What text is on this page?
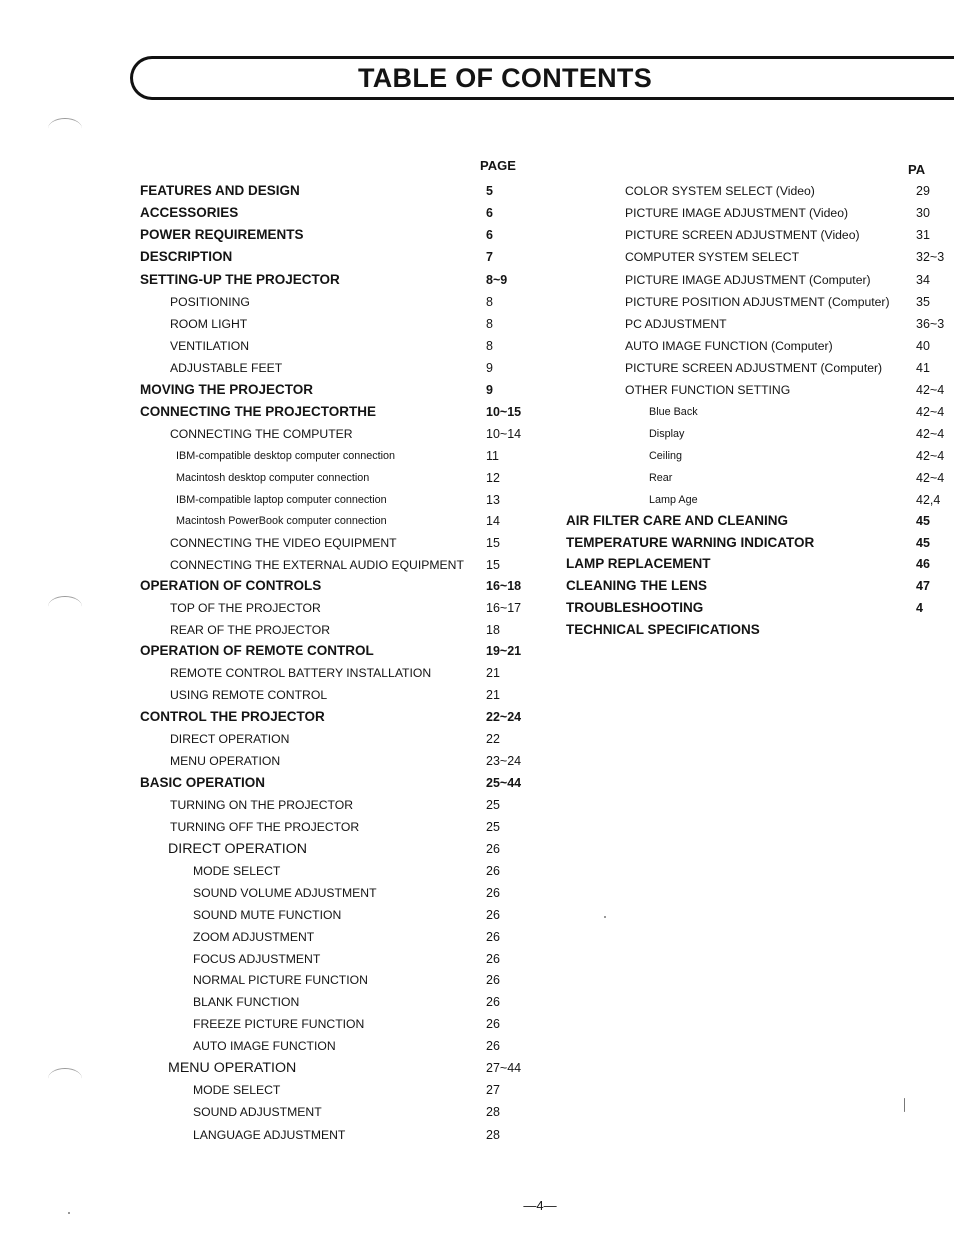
TABLE OF CONTENTS
PAGE	PA
FEATURES AND DESIGN	5
ACCESSORIES	6
POWER REQUIREMENTS	6
DESCRIPTION	7
SETTING-UP THE PROJECTOR	8~9
POSITIONING	8
ROOM LIGHT	8
VENTILATION	8
ADJUSTABLE FEET	9
MOVING THE PROJECTOR	9
CONNECTING THE PROJECTORTHE	10~15
CONNECTING THE COMPUTER	10~14
IBM-compatible desktop computer connection	11
Macintosh desktop computer connection	12
IBM-compatible laptop computer connection	13
Macintosh PowerBook computer connection	14
CONNECTING THE VIDEO EQUIPMENT	15
CONNECTING THE EXTERNAL AUDIO EQUIPMENT 15
OPERATION OF CONTROLS	16~18
TOP OF THE PROJECTOR	16~17
REAR OF THE PROJECTOR	18
OPERATION OF REMOTE CONTROL	19~21
REMOTE CONTROL BATTERY INSTALLATION	21
USING REMOTE CONTROL	21
CONTROL THE PROJECTOR	22~24
DIRECT OPERATION	22
MENU OPERATION	23~24
BASIC OPERATION	25~44
TURNING ON THE PROJECTOR	25
TURNING OFF THE PROJECTOR	25
DIRECT OPERATION	26
MODE SELECT	26
SOUND VOLUME ADJUSTMENT	26
SOUND MUTE FUNCTION	26
ZOOM ADJUSTMENT	26
FOCUS ADJUSTMENT	26
NORMAL PICTURE FUNCTION	26
BLANK FUNCTION	26
FREEZE PICTURE FUNCTION	26
AUTO IMAGE FUNCTION	26
MENU OPERATION	27~44
MODE SELECT	27
SOUND ADJUSTMENT	28
LANGUAGE ADJUSTMENT	28
COLOR SYSTEM SELECT (Video)	29
PICTURE IMAGE ADJUSTMENT (Video)	30
PICTURE SCREEN ADJUSTMENT (Video)	31
COMPUTER SYSTEM SELECT	32~3
PICTURE IMAGE ADJUSTMENT (Computer)	34
PICTURE POSITION ADJUSTMENT (Computer) 35
PC ADJUSTMENT	36~3
AUTO IMAGE FUNCTION (Computer)	40
PICTURE SCREEN ADJUSTMENT (Computer)	41
OTHER FUNCTION SETTING	42~4
Blue Back	42~4
Display	42~4
Ceiling	42~4
Rear	42~4
Lamp Age	42,4
AIR FILTER CARE AND CLEANING	45
TEMPERATURE WARNING INDICATOR	45
LAMP REPLACEMENT	46
CLEANING THE LENS	47
TROUBLESHOOTING	4
TECHNICAL SPECIFICATIONS
—4—
